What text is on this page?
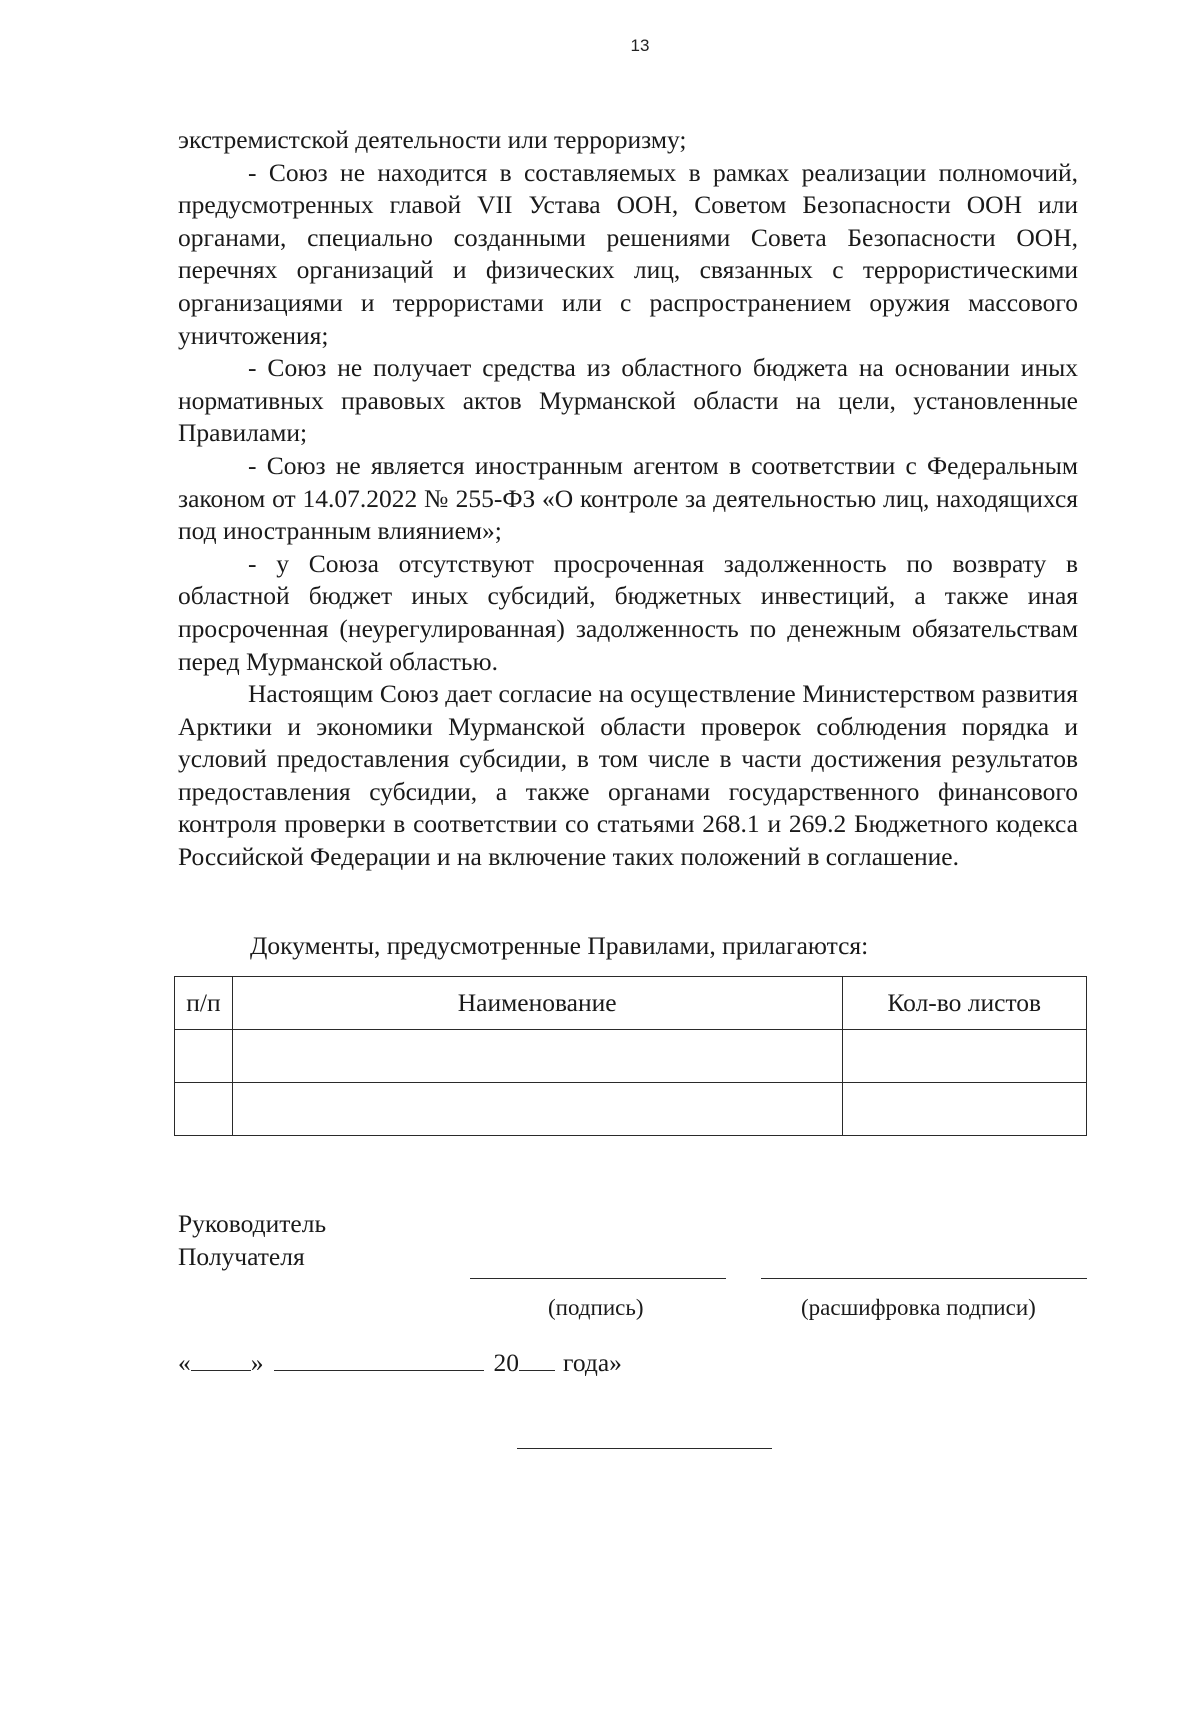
13

экстремистской деятельности или терроризму;

- Союз не находится в составляемых в рамках реализации полномочий, предусмотренных главой VII Устава ООН, Советом Безопасности ООН или органами, специально созданными решениями Совета Безопасности ООН, перечнях организаций и физических лиц, связанных с террористическими организациями и террористами или с распространением оружия массового уничтожения;

- Союз не получает средства из областного бюджета на основании иных нормативных правовых актов Мурманской области на цели, установленные Правилами;

- Союз не является иностранным агентом в соответствии с Федеральным законом от 14.07.2022 № 255-ФЗ «О контроле за деятельностью лиц, находящихся под иностранным влиянием»;

- у Союза отсутствуют просроченная задолженность по возврату в областной бюджет иных субсидий, бюджетных инвестиций, а также иная просроченная (неурегулированная) задолженность по денежным обязательствам перед Мурманской областью.

Настоящим Союз дает согласие на осуществление Министерством развития Арктики и экономики Мурманской области проверок соблюдения порядка и условий предоставления субсидии, в том числе в части достижения результатов предоставления субсидии, а также органами государственного финансового контроля проверки в соответствии со статьями 268.1 и 269.2 Бюджетного кодекса Российской Федерации и на включение таких положений в соглашение.

Документы, предусмотренные Правилами, прилагаются:
п/п	Наименование	Кол-во листов

Руководитель
Получателя
(подпись)	(расшифровка подписи)
« »	20 года»
